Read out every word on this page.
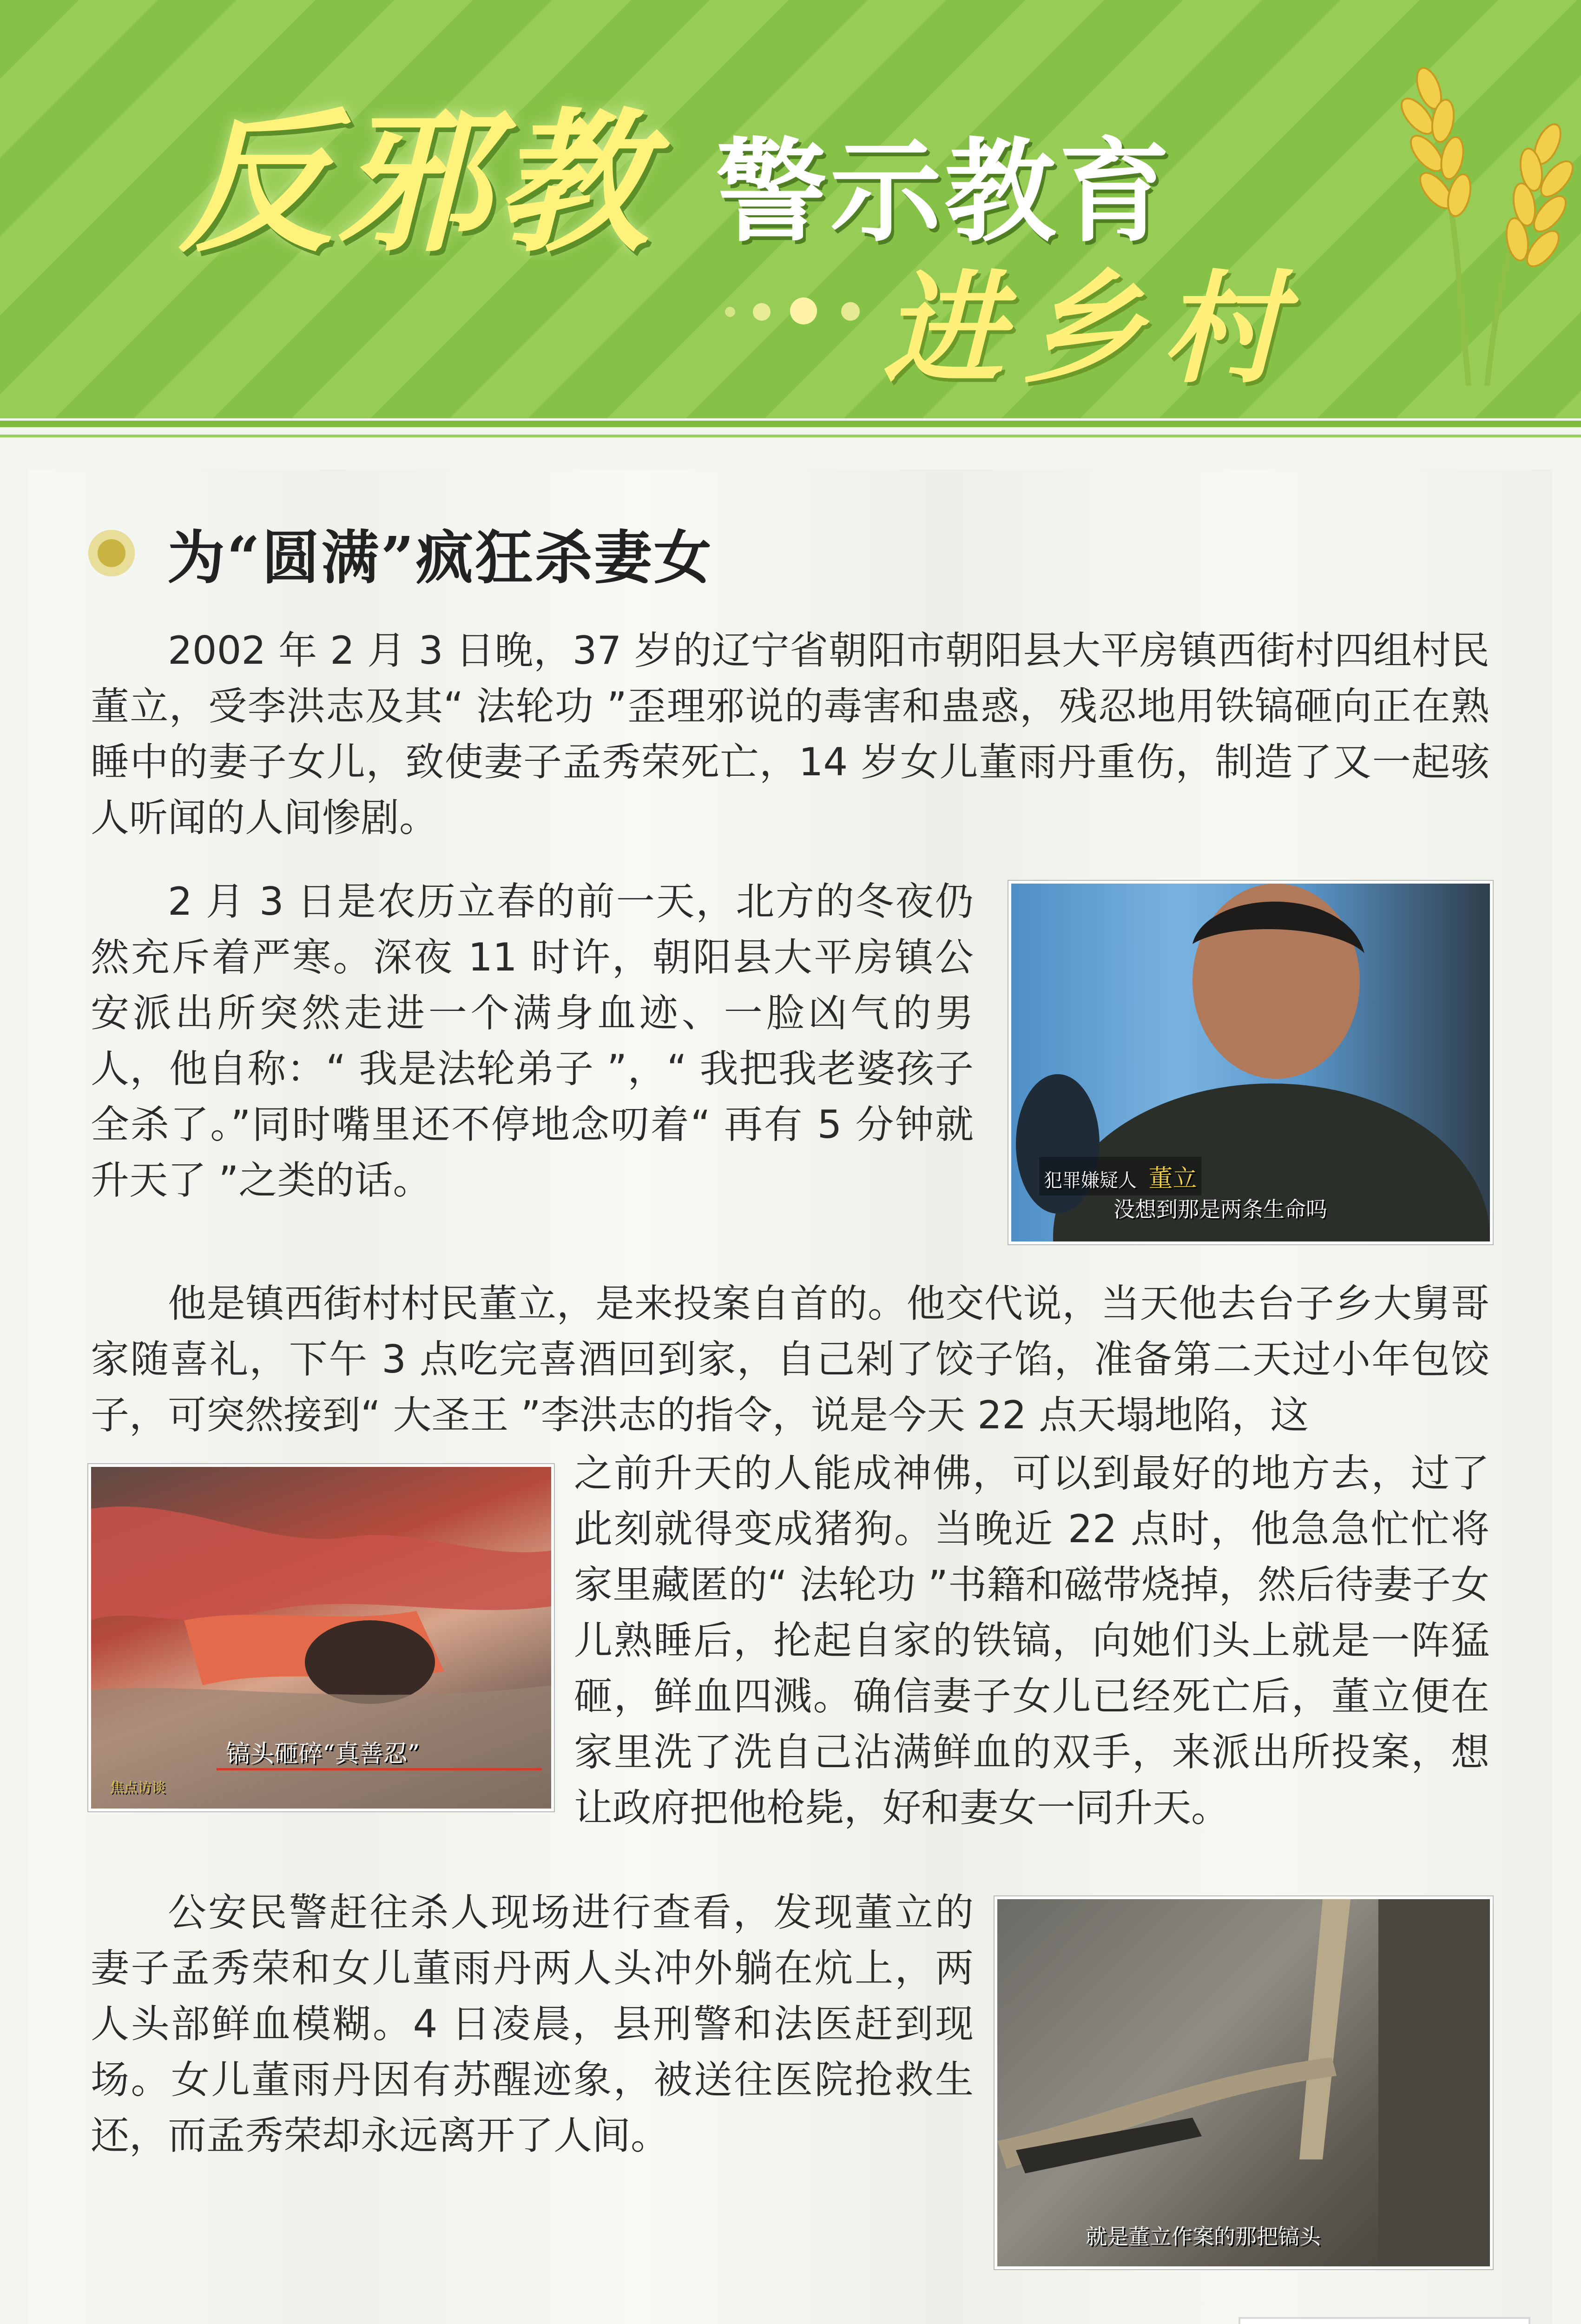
反邪教 警示教育
进乡村
为“圆满”疯狂杀妻女

2002 年 2 月 3 日晚，37 岁的辽宁省朝阳市朝阳县大平房镇西街村四组村民董立，受李洪志及其“ 法轮功 ”歪理邪说的毒害和蛊惑，残忍地用铁镐砸向正在熟睡中的妻子女儿，致使妻子孟秀荣死亡，14 岁女儿董雨丹重伤，制造了又一起骇人听闻的人间惨剧。

2 月 3 日是农历立春的前一天，北方的冬夜仍然充斥着严寒。深夜 11 时许，朝阳县大平房镇公安派出所突然走进一个满身血迹、一脸凶气的男人，他自称：“ 我是法轮弟子 ”，“ 我把我老婆孩子全杀了。”同时嘴里还不停地念叨着“ 再有 5 分钟就升天了 ”之类的话。

他是镇西街村村民董立，是来投案自首的。他交代说，当天他去台子乡大舅哥家随喜礼，下午 3 点吃完喜酒回到家，自己剁了饺子馅，准备第二天过小年包饺子，可突然接到“ 大圣王 ”李洪志的指令，说是今天 22 点天塌地陷，这

之前升天的人能成神佛，可以到最好的地方去，过了此刻就得变成猪狗。当晚近 22 点时，他急急忙忙将家里藏匿的“ 法轮功 ”书籍和磁带烧掉，然后待妻子女儿熟睡后，抡起自家的铁镐，向她们头上就是一阵猛砸，鲜血四溅。确信妻子女儿已经死亡后，董立便在家里洗了洗自己沾满鲜血的双手，来派出所投案，想让政府把他枪毙，好和妻女一同升天。

公安民警赶往杀人现场进行查看，发现董立的妻子孟秀荣和女儿董雨丹两人头冲外躺在炕上，两人头部鲜血模糊。4 日凌晨，县刑警和法医赶到现场。女儿董雨丹因有苏醒迹象，被送往医院抢救生还，而孟秀荣却永远离开了人间。

犯罪嫌疑人 董立
没想到那是两条生命吗
镐头砸碎“真善忍”
焦点访谈
就是董立作案的那把镐头
